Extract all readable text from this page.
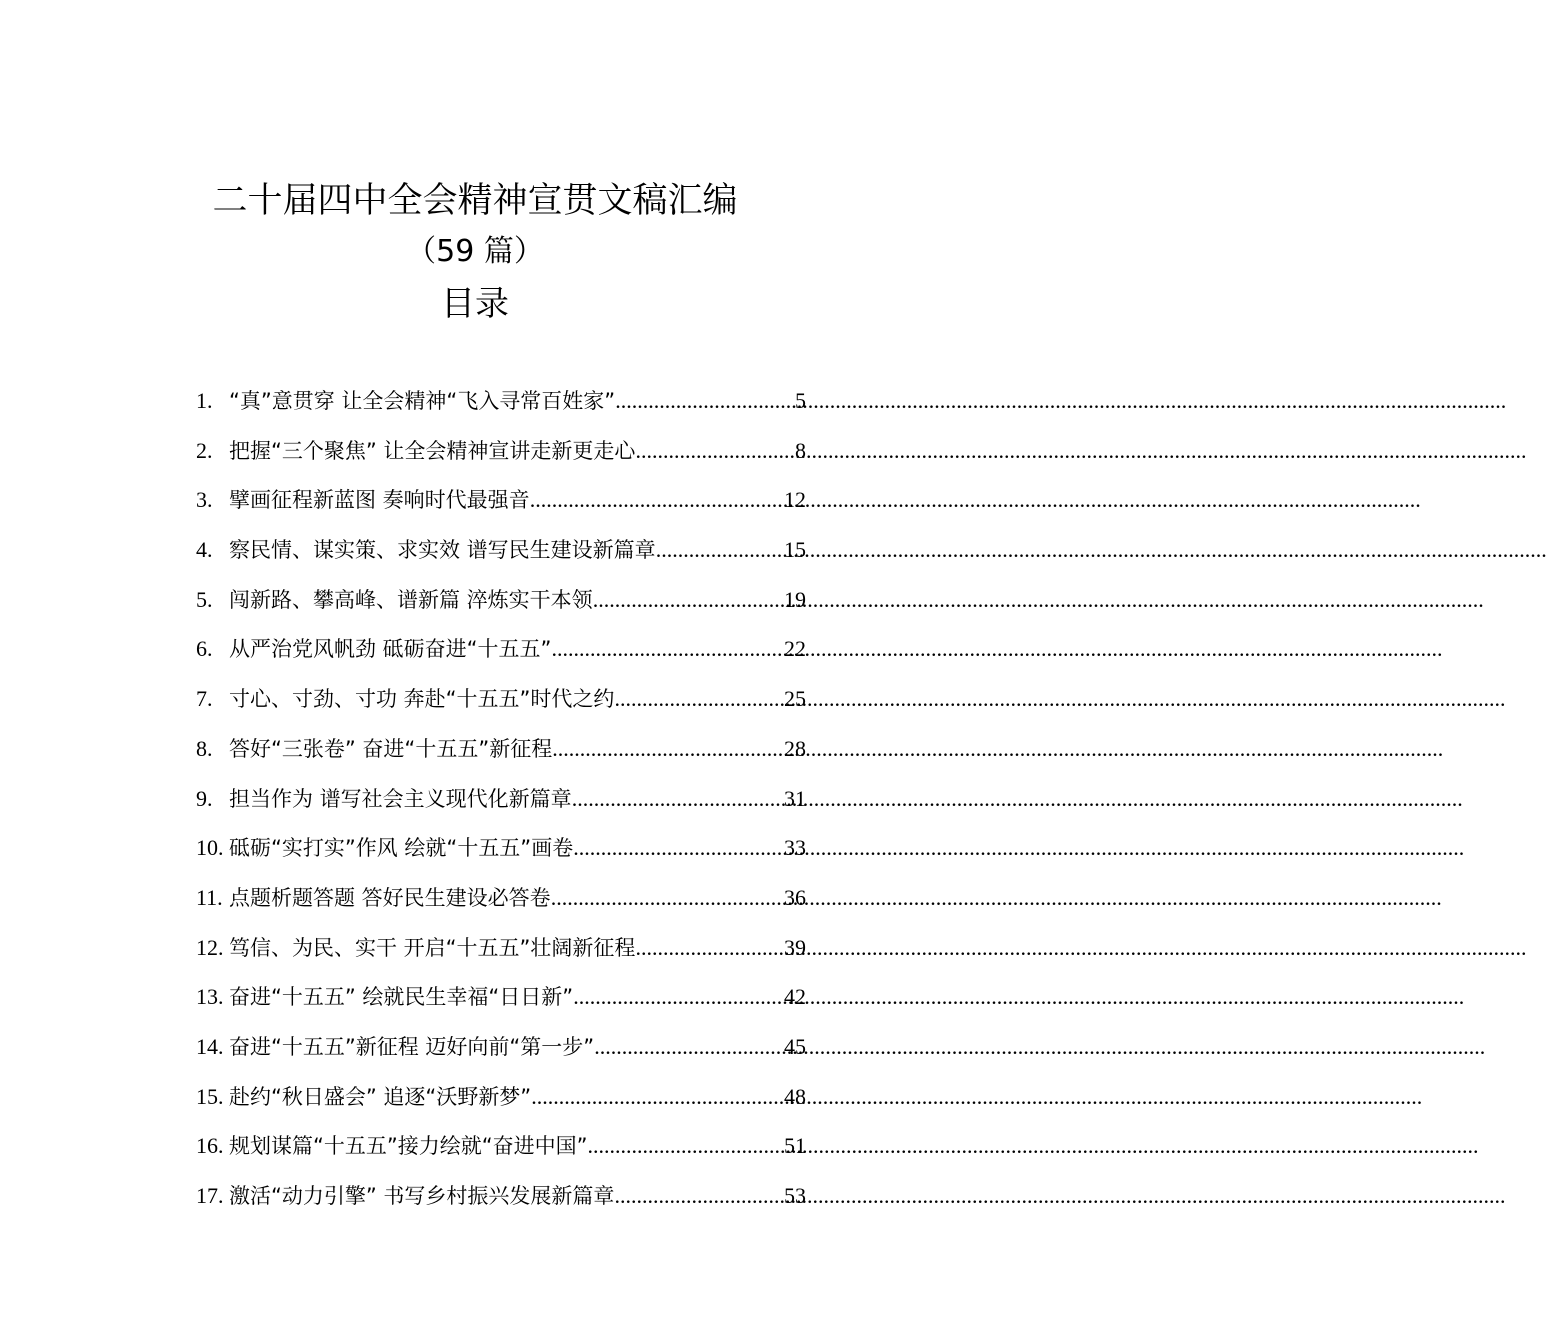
二十届四中全会精神宣贯文稿汇编

（59 篇）

目录

1. “真”意贯穿 让全会精神“飞入寻常百姓家” .....	5
2. 把握“三个聚焦” 让全会精神宣讲走新更走心 .....	8
3. 擘画征程新蓝图 奏响时代最强音 .....	12
4. 察民情、谋实策、求实效 谱写民生建设新篇章 .....	15
5. 闯新路、攀高峰、谱新篇 淬炼实干本领 .....	19
6. 从严治党风帆劲 砥砺奋进“十五五” .....	22
7. 寸心、寸劲、寸功 奔赴“十五五”时代之约 .....	25
8. 答好“三张卷” 奋进“十五五”新征程 .....	28
9. 担当作为 谱写社会主义现代化新篇章 .....	31
10. 砥砺“实打实”作风 绘就“十五五”画卷 .....	33
11. 点题析题答题 答好民生建设必答卷 .....	36
12. 笃信、为民、实干 开启“十五五”壮阔新征程 .....	39
13. 奋进“十五五” 绘就民生幸福“日日新” .....	42
14. 奋进“十五五”新征程 迈好向前“第一步” .....	45
15. 赴约“秋日盛会” 追逐“沃野新梦” .....	48
16. 规划谋篇“十五五”接力绘就“奋进中国” .....	51
17. 激活“动力引擎” 书写乡村振兴发展新篇章 .....	53
